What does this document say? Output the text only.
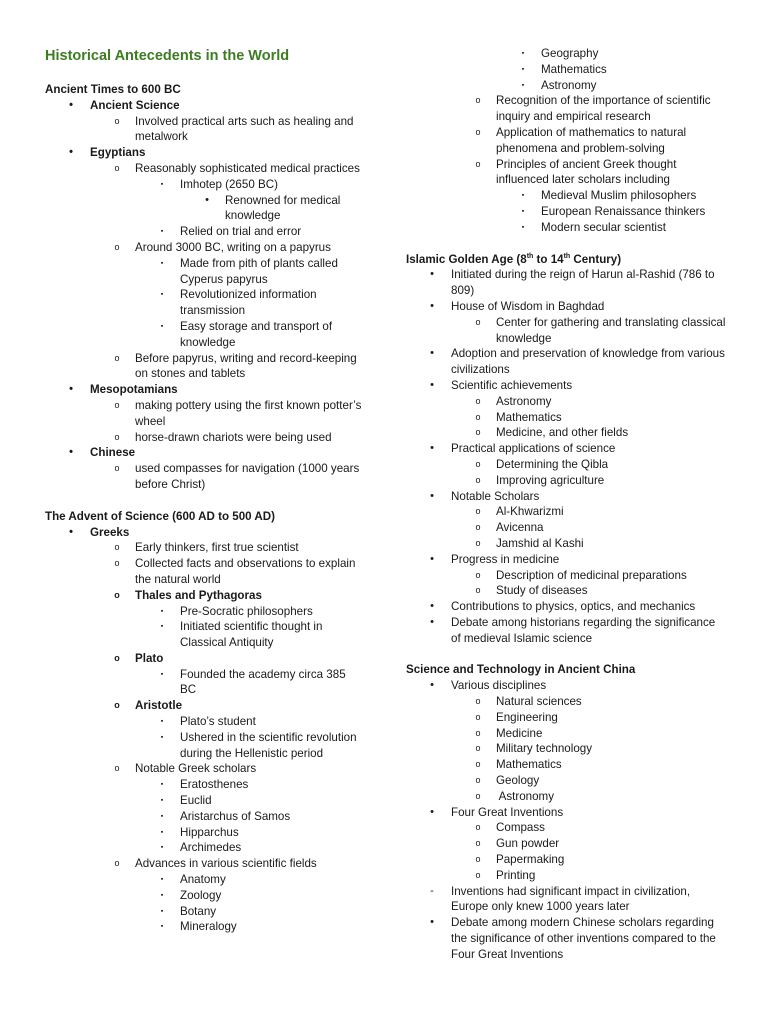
Historical Antecedents in the World

Ancient Times to 600 BC

•	Ancient Science
o	Involved practical arts such as healing and metalwork
•	Egyptians
o	Reasonably sophisticated medical practices
▪	Imhotep (2650 BC)
•	Renowned for medical knowledge
▪	Relied on trial and error
o	Around 3000 BC, writing on a papyrus
▪	Made from pith of plants called Cyperus papyrus
▪	Revolutionized information transmission
▪	Easy storage and transport of knowledge
o	Before papyrus, writing and record-keeping on stones and tablets
•	Mesopotamians
o	making pottery using the first known potter’s wheel
o	horse-drawn chariots were being used
•	Chinese
o	used compasses for navigation (1000 years before Christ)

The Advent of Science (600 AD to 500 AD)

•	Greeks
o	Early thinkers, first true scientist
o	Collected facts and observations to explain the natural world
o Thales and Pythagoras
▪	Pre-Socratic philosophers
▪	Initiated scientific thought in Classical Antiquity
o Plato
▪	Founded the academy circa 385 BC
o Aristotle
▪	Plato’s student
▪	Ushered in the scientific revolution during the Hellenistic period
o	Notable Greek scholars
▪	Eratosthenes
▪	Euclid
▪	Aristarchus of Samos
▪	Hipparchus
▪	Archimedes
o	Advances in various scientific fields
▪	Anatomy
▪	Zoology
▪	Botany
▪	Mineralogy
▪	Geography
▪	Mathematics
▪	Astronomy
o	Recognition of the importance of scientific inquiry and empirical research
o	Application of mathematics to natural phenomena and problem-solving
o	Principles of ancient Greek thought influenced later scholars including
▪	Medieval Muslim philosophers
▪	European Renaissance thinkers
▪	Modern secular scientist

Islamic Golden Age (8th to 14th Century)

•	Initiated during the reign of Harun al-Rashid (786 to 809)
•	House of Wisdom in Baghdad
o	Center for gathering and translating classical knowledge
•	Adoption and preservation of knowledge from various civilizations
•	Scientific achievements
o	Astronomy
o	Mathematics
o	Medicine, and other fields
•	Practical applications of science
o	Determining the Qibla
o	Improving agriculture
•	Notable Scholars
o	Al-Khwarizmi
o	Avicenna
o	Jamshid al Kashi
•	Progress in medicine
o	Description of medicinal preparations
o	Study of diseases
•	Contributions to physics, optics, and mechanics
•	Debate among historians regarding the significance of medieval Islamic science

Science and Technology in Ancient China

•	Various disciplines
o	Natural sciences
o	Engineering
o	Medicine
o	Military technology
o	Mathematics
o	Geology
o	Astronomy
•	Four Great Inventions
o	Compass
o	Gun powder
o	Papermaking
o	Printing
-	Inventions had significant impact in civilization, Europe only knew 1000 years later
•	Debate among modern Chinese scholars regarding the significance of other inventions compared to the Four Great Inventions
